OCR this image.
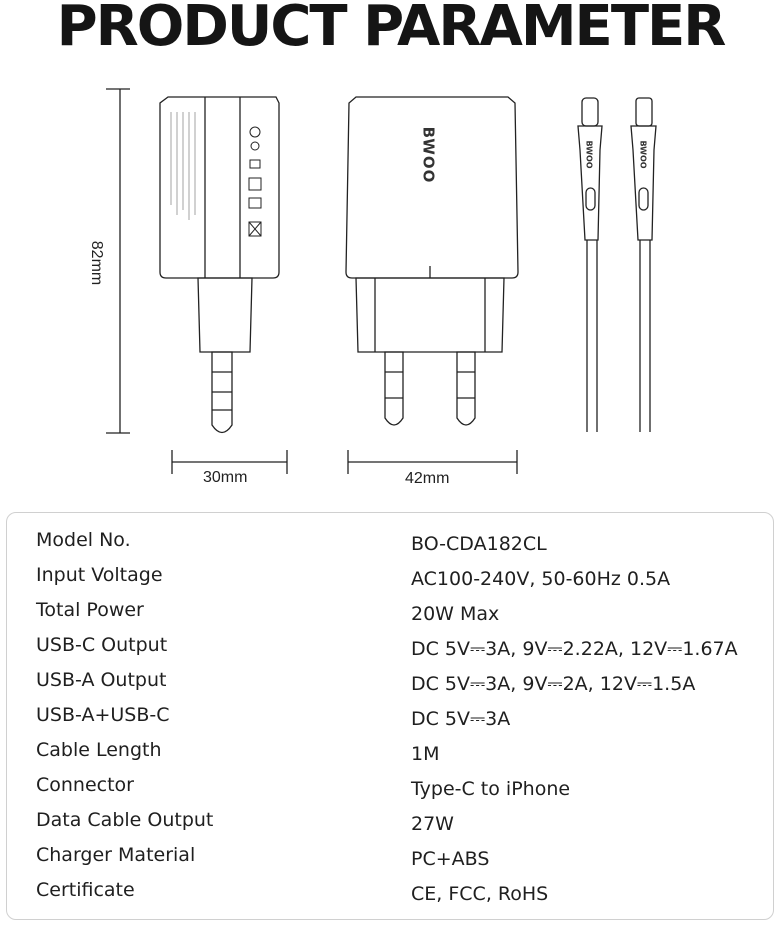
PRODUCT PARAMETER
BWOO	BWOO	BWOO
82mm
30mm	42mm
Model No.	BO-CDA182CL
Input Voltage	AC100-240V, 50-60Hz 0.5A
Total Power	20W Max
USB-C Output	DC 5V⎓3A, 9V⎓2.22A, 12V⎓1.67A
USB-A Output	DC 5V⎓3A, 9V⎓2A, 12V⎓1.5A
USB-A+USB-C	DC 5V⎓3A
Cable Length	1M
Connector	Type-C to iPhone
Data Cable Output	27W
Charger Material	PC+ABS
Certificate	CE, FCC, RoHS
